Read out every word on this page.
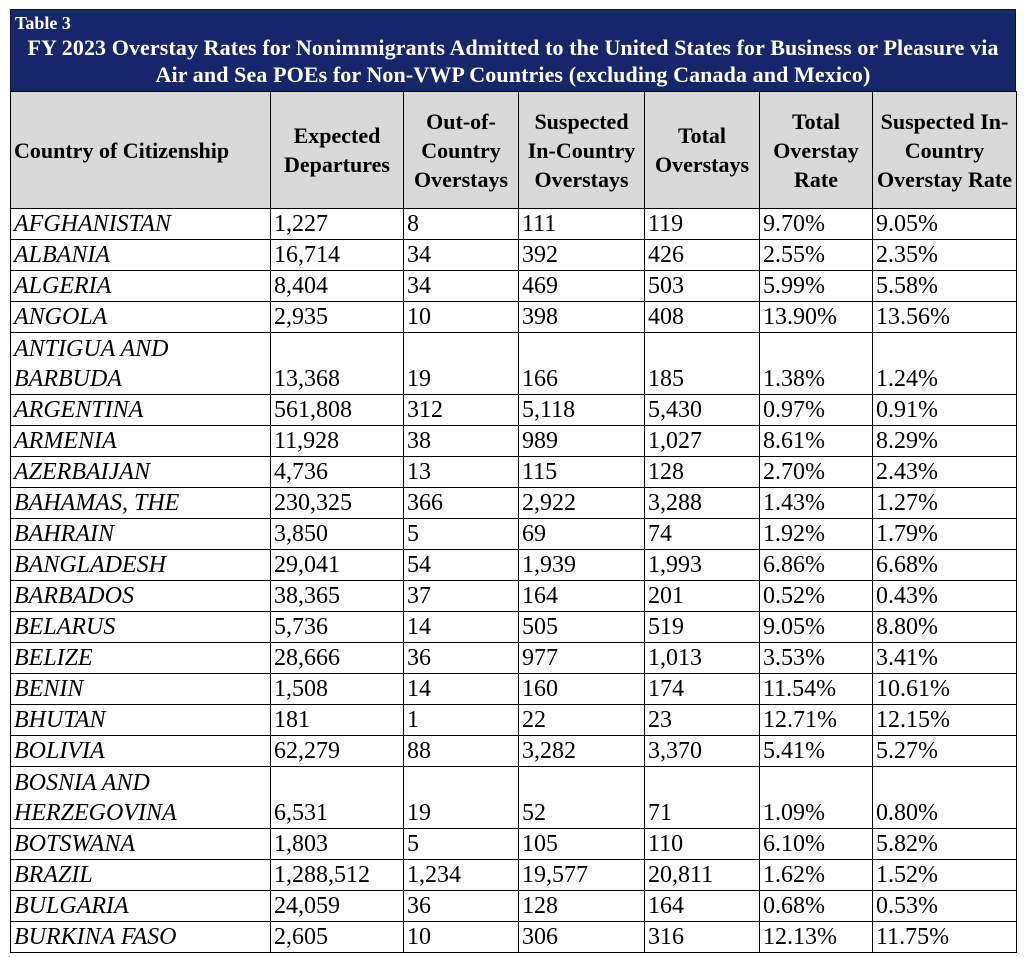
Table 3
FY 2023 Overstay Rates for Nonimmigrants Admitted to the United States for Business or Pleasure via Air and Sea POEs for Non-VWP Countries (excluding Canada and Mexico)
Country of Citizenship	Expected Departures	Out-of-Country Overstays	Suspected In-Country Overstays	Total Overstays	Total Overstay Rate	Suspected In-Country Overstay Rate
AFGHANISTAN	1,227	8	111	119	9.70%	9.05%
ALBANIA	16,714	34	392	426	2.55%	2.35%
ALGERIA	8,404	34	469	503	5.99%	5.58%
ANGOLA	2,935	10	398	408	13.90%	13.56%
ANTIGUA AND BARBUDA	13,368	19	166	185	1.38%	1.24%
ARGENTINA	561,808	312	5,118	5,430	0.97%	0.91%
ARMENIA	11,928	38	989	1,027	8.61%	8.29%
AZERBAIJAN	4,736	13	115	128	2.70%	2.43%
BAHAMAS, THE	230,325	366	2,922	3,288	1.43%	1.27%
BAHRAIN	3,850	5	69	74	1.92%	1.79%
BANGLADESH	29,041	54	1,939	1,993	6.86%	6.68%
BARBADOS	38,365	37	164	201	0.52%	0.43%
BELARUS	5,736	14	505	519	9.05%	8.80%
BELIZE	28,666	36	977	1,013	3.53%	3.41%
BENIN	1,508	14	160	174	11.54%	10.61%
BHUTAN	181	1	22	23	12.71%	12.15%
BOLIVIA	62,279	88	3,282	3,370	5.41%	5.27%
BOSNIA AND HERZEGOVINA	6,531	19	52	71	1.09%	0.80%
BOTSWANA	1,803	5	105	110	6.10%	5.82%
BRAZIL	1,288,512	1,234	19,577	20,811	1.62%	1.52%
BULGARIA	24,059	36	128	164	0.68%	0.53%
BURKINA FASO	2,605	10	306	316	12.13%	11.75%
